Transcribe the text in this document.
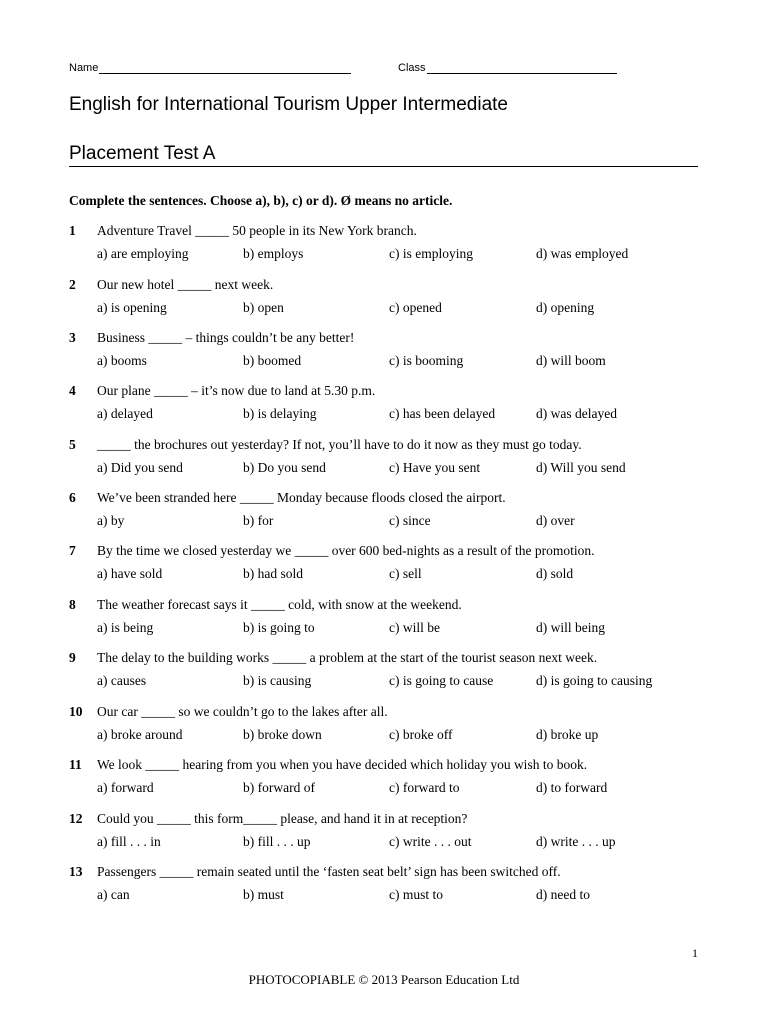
Name	Class
English for International Tourism Upper Intermediate
Placement Test A
Complete the sentences. Choose a), b), c) or d). Ø means no article.
1 Adventure Travel _____ 50 people in its New York branch.
a) are employing	b) employs	c) is employing	d) was employed
2 Our new hotel _____ next week.
a) is opening	b) open	c) opened	d) opening
3 Business _____ – things couldn’t be any better!
a) booms	b) boomed	c) is booming	d) will boom
4 Our plane _____ – it’s now due to land at 5.30 p.m.
a) delayed	b) is delaying	c) has been delayed	d) was delayed
5 _____ the brochures out yesterday? If not, you’ll have to do it now as they must go today.
a) Did you send	b) Do you send	c) Have you sent	d) Will you send
6 We’ve been stranded here _____ Monday because floods closed the airport.
a) by	b) for	c) since	d) over
7 By the time we closed yesterday we _____ over 600 bed-nights as a result of the promotion.
a) have sold	b) had sold	c) sell	d) sold
8 The weather forecast says it _____ cold, with snow at the weekend.
a) is being	b) is going to	c) will be	d) will being
9 The delay to the building works _____ a problem at the start of the tourist season next week.
a) causes	b) is causing	c) is going to cause	d) is going to causing
10 Our car _____ so we couldn’t go to the lakes after all.
a) broke around	b) broke down	c) broke off	d) broke up
11 We look _____ hearing from you when you have decided which holiday you wish to book.
a) forward	b) forward of	c) forward to	d) to forward
12 Could you _____ this form_____ please, and hand it in at reception?
a) fill . . . in	b) fill . . . up	c) write . . . out	d) write . . . up
13 Passengers _____ remain seated until the ‘fasten seat belt’ sign has been switched off.
a) can	b) must	c) must to	d) need to
1
PHOTOCOPIABLE © 2013 Pearson Education Ltd
